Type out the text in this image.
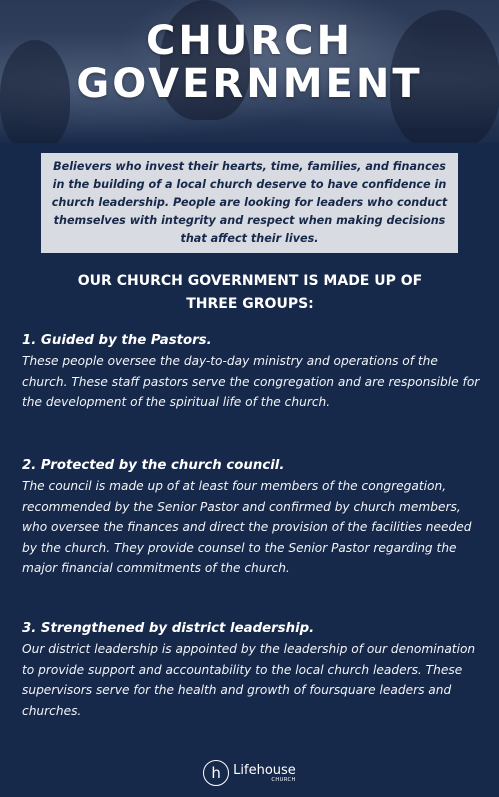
CHURCH
GOVERNMENT
Believers who invest their hearts, time, families, and finances in the building of a local church deserve to have confidence in church leadership. People are looking for leaders who conduct themselves with integrity and respect when making decisions that affect their lives.
OUR CHURCH GOVERNMENT IS MADE UP OF
THREE GROUPS:
1. Guided by the Pastors.
These people oversee the day-to-day ministry and operations of the church. These staff pastors serve the congregation and are responsible for the development of the spiritual life of the church.
2. Protected by the church council.
The council is made up of at least four members of the congregation, recommended by the Senior Pastor and confirmed by church members, who oversee the finances and direct the provision of the facilities needed by the church. They provide counsel to the Senior Pastor regarding the major financial commitments of the church.
3. Strengthened by district leadership.
Our district leadership is appointed by the leadership of our denomination to provide support and accountability to the local church leaders. These supervisors serve for the health and growth of foursquare leaders and churches.
h Lifehouse
CHURCH
